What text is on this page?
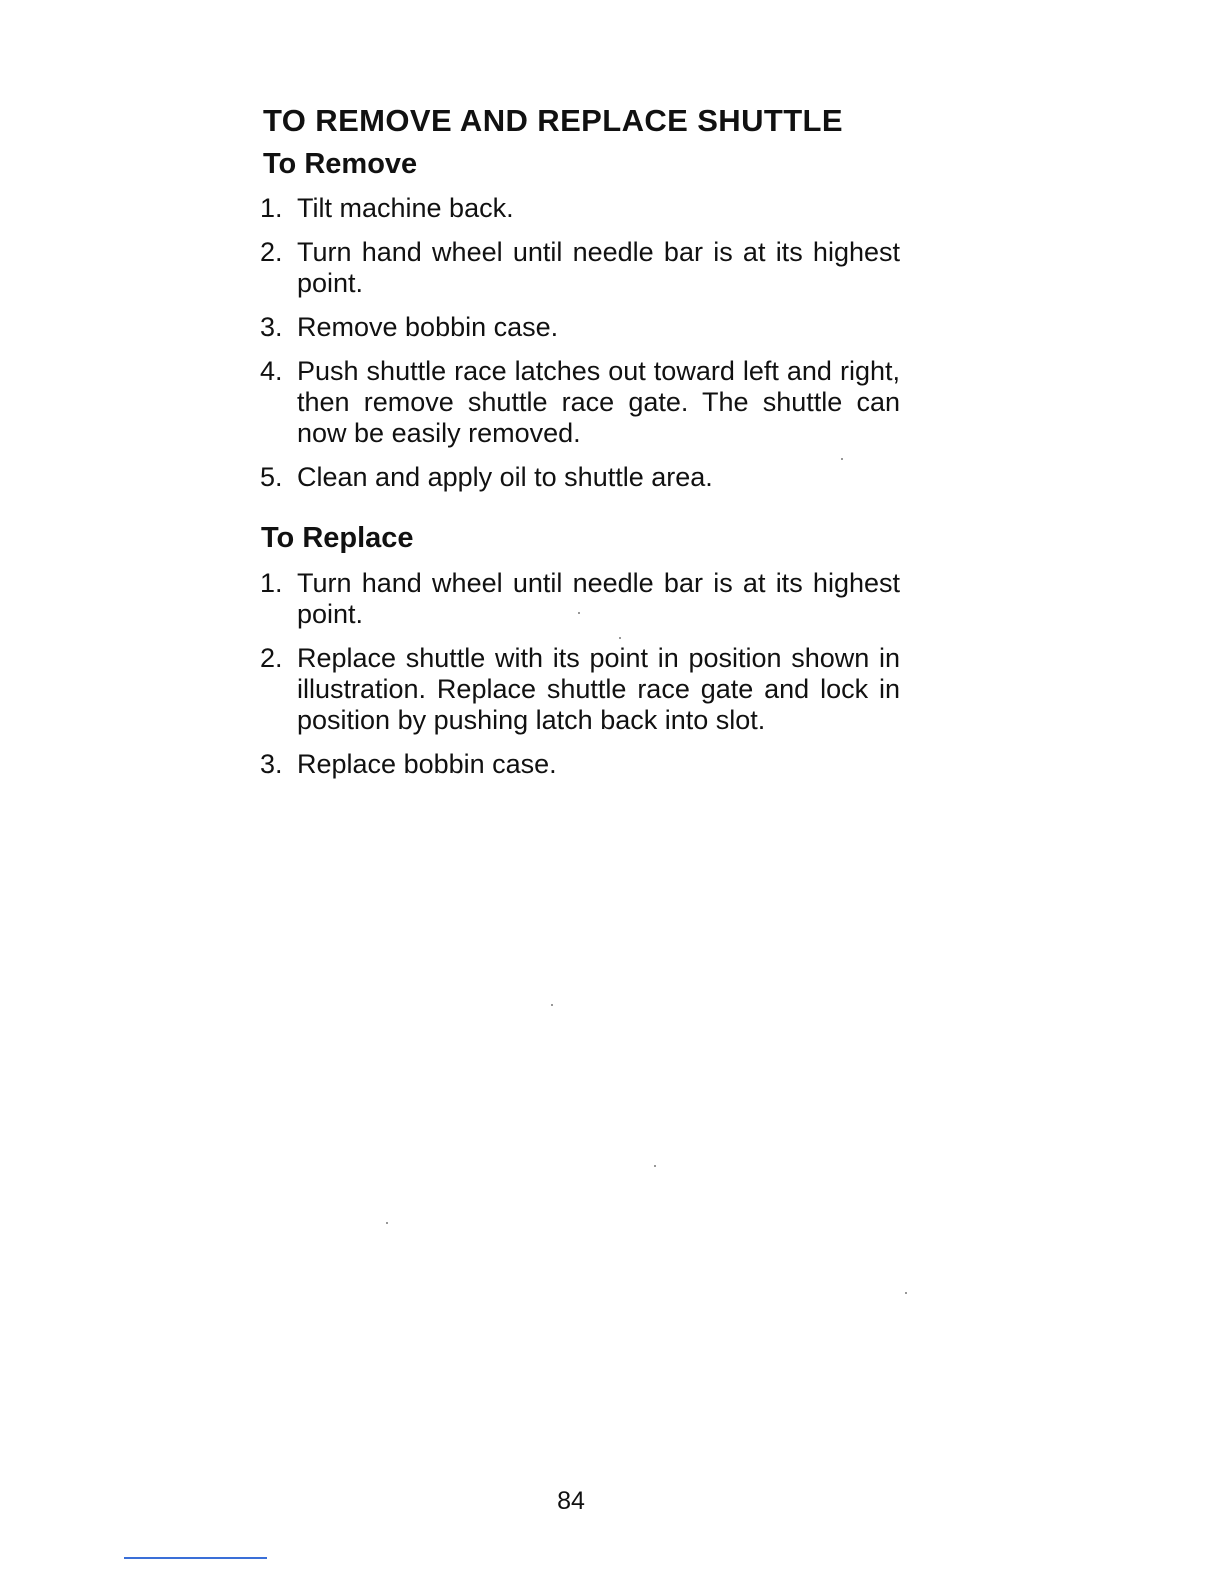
TO REMOVE AND REPLACE SHUTTLE
To Remove
1. Tilt machine back.
2. Turn hand wheel until needle bar is at its highest point.
3. Remove bobbin case.
4. Push shuttle race latches out toward left and right, then remove shuttle race gate. The shuttle can now be easily removed.
5. Clean and apply oil to shuttle area.
To Replace
1. Turn hand wheel until needle bar is at its highest point.
2. Replace shuttle with its point in position shown in illustration. Replace shuttle race gate and lock in position by pushing latch back into slot.
3. Replace bobbin case.
84
